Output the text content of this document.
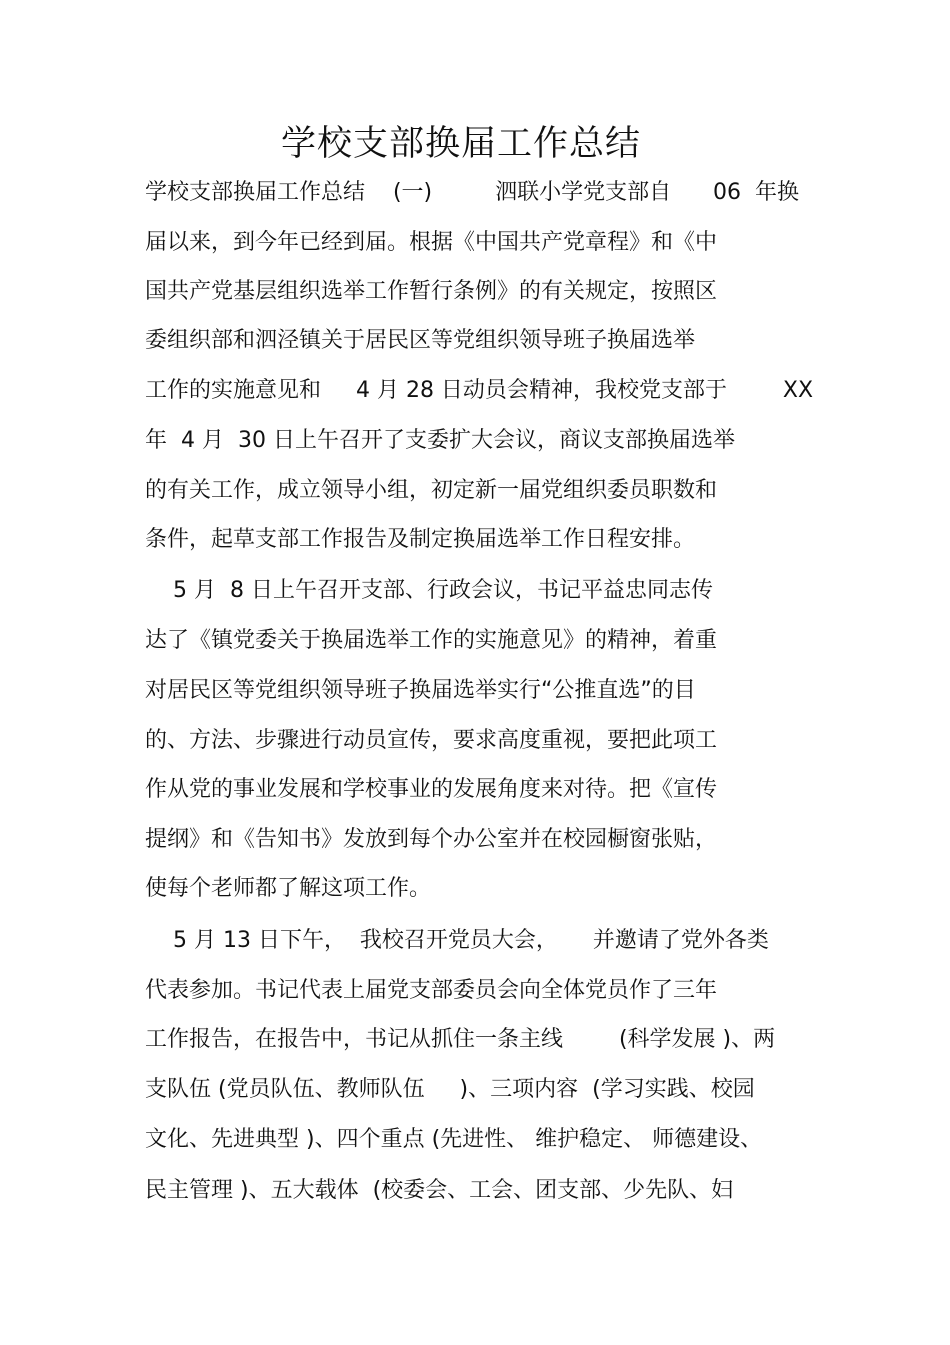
学校支部换届工作总结

学校支部换届工作总结    (一)         泗联小学党支部自      06  年换

届以来，到今年已经到届。根据《中国共产党章程》和《中

国共产党基层组织选举工作暂行条例》的有关规定，按照区

委组织部和泗泾镇关于居民区等党组织领导班子换届选举

工作的实施意见和     4 月 28 日动员会精神，我校党支部于        XX

年  4 月  30 日上午召开了支委扩大会议，商议支部换届选举

的有关工作，成立领导小组，初定新一届党组织委员职数和

条件，起草支部工作报告及制定换届选举工作日程安排。

5 月  8 日上午召开支部、行政会议，书记平益忠同志传

达了《镇党委关于换届选举工作的实施意见》的精神，着重

对居民区等党组织领导班子换届选举实行“公推直选”的目

的、方法、步骤进行动员宣传，要求高度重视，要把此项工

作从党的事业发展和学校事业的发展角度来对待。把《宣传

提纲》和《告知书》发放到每个办公室并在校园橱窗张贴，

使每个老师都了解这项工作。

5 月 13 日下午，  我校召开党员大会，     并邀请了党外各类

代表参加。书记代表上届党支部委员会向全体党员作了三年

工作报告，在报告中，书记从抓住一条主线        (科学发展 )、两

支队伍 (党员队伍、教师队伍     )、三项内容  (学习实践、校园

文化、先进典型 )、四个重点 (先进性、 维护稳定、 师德建设、

民主管理 )、五大载体  (校委会、工会、团支部、少先队、妇
